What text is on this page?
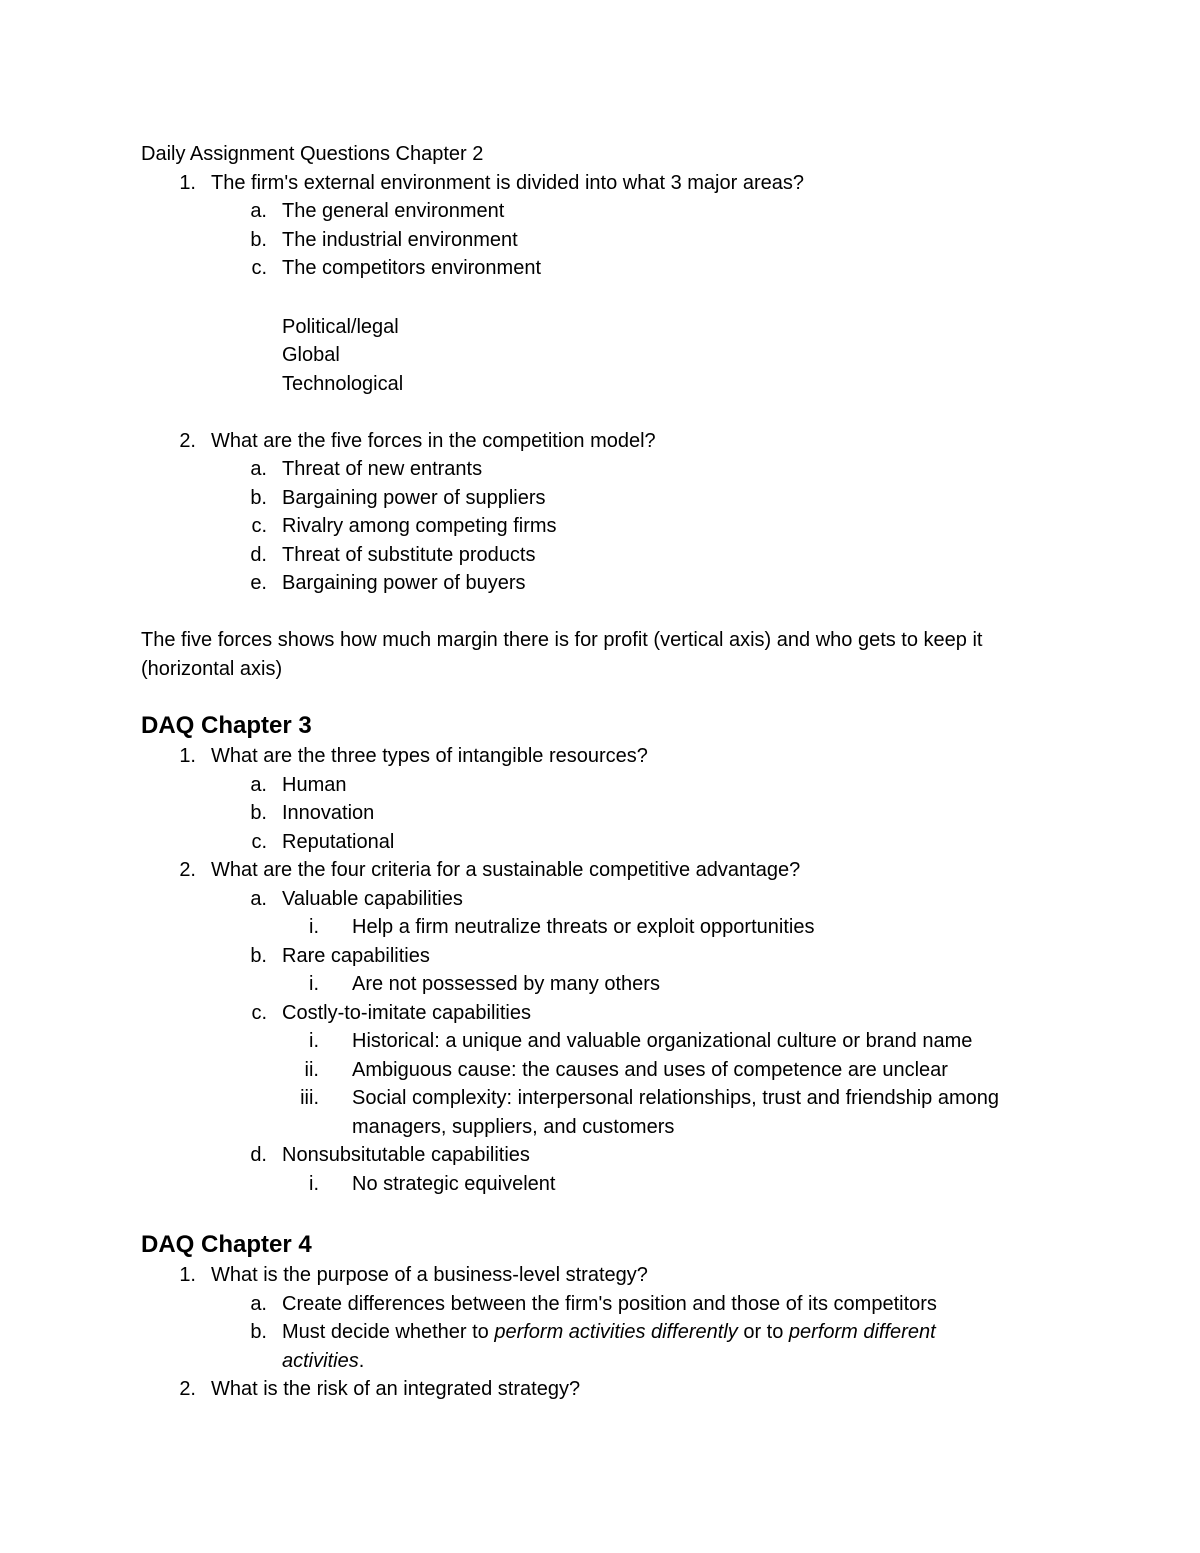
Daily Assignment Questions Chapter 2
1. The firm's external environment is divided into what 3 major areas?
a. The general environment
b. The industrial environment
c. The competitors environment
Political/legal
Global
Technological
2. What are the five forces in the competition model?
a. Threat of new entrants
b. Bargaining power of suppliers
c. Rivalry among competing firms
d. Threat of substitute products
e. Bargaining power of buyers
The five forces shows how much margin there is for profit (vertical axis) and who gets to keep it (horizontal axis)
DAQ Chapter 3
1. What are the three types of intangible resources?
a. Human
b. Innovation
c. Reputational
2. What are the four criteria for a sustainable competitive advantage?
a. Valuable capabilities
i. Help a firm neutralize threats or exploit opportunities
b. Rare capabilities
i. Are not possessed by many others
c. Costly-to-imitate capabilities
i. Historical: a unique and valuable organizational culture or brand name
ii. Ambiguous cause: the causes and uses of competence are unclear
iii. Social complexity: interpersonal relationships, trust and friendship among managers, suppliers, and customers
d. Nonsubsitutable capabilities
i. No strategic equivelent
DAQ Chapter 4
1. What is the purpose of a business-level strategy?
a. Create differences between the firm's position and those of its competitors
b. Must decide whether to perform activities differently or to perform different activities.
2. What is the risk of an integrated strategy?
